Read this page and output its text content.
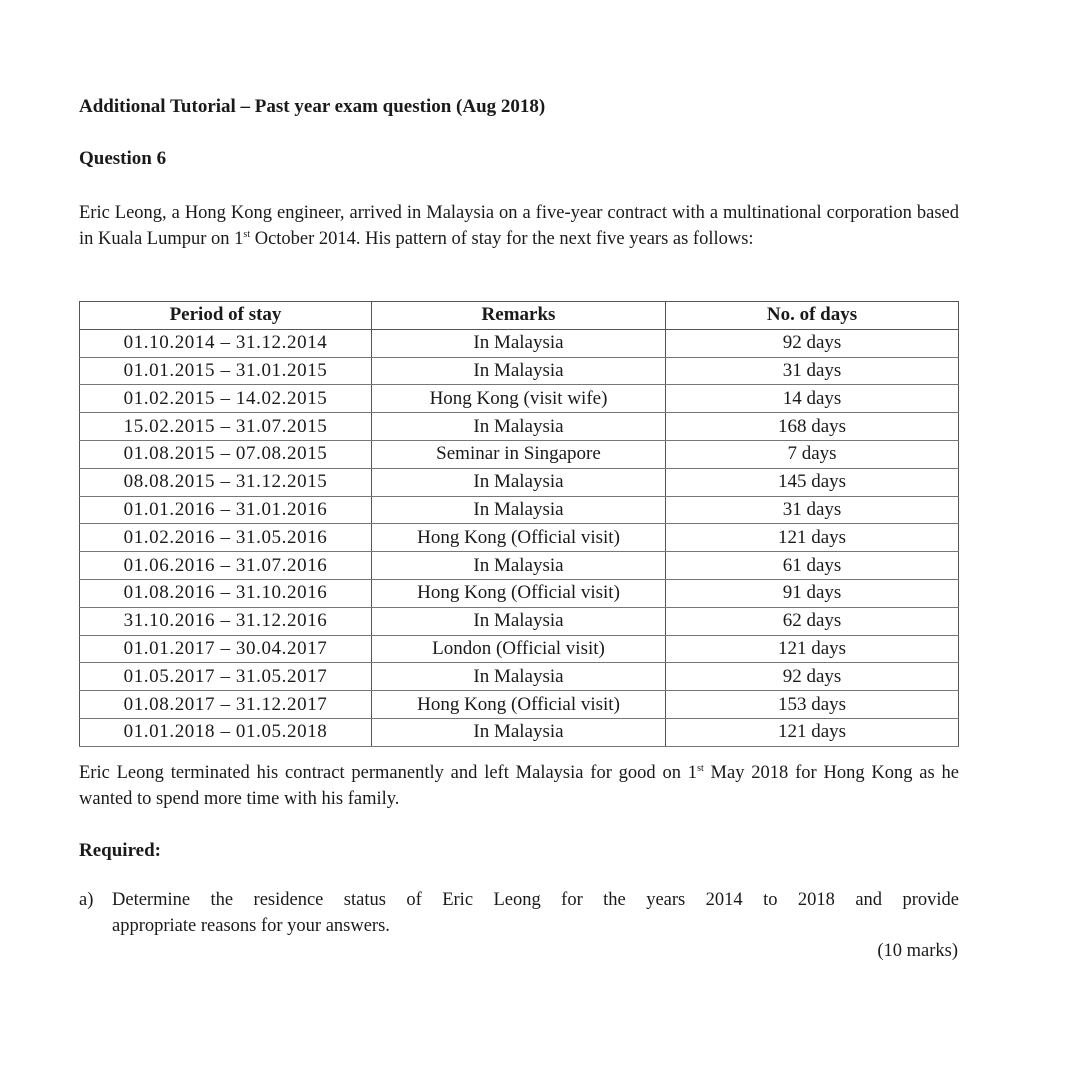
Additional Tutorial – Past year exam question (Aug 2018)
Question 6
Eric Leong, a Hong Kong engineer, arrived in Malaysia on a five-year contract with a multinational corporation based in Kuala Lumpur on 1st October 2014. His pattern of stay for the next five years as follows:
Period of stay	Remarks	No. of days
01.10.2014 – 31.12.2014	In Malaysia	92 days
01.01.2015 – 31.01.2015	In Malaysia	31 days
01.02.2015 – 14.02.2015	Hong Kong (visit wife)	14 days
15.02.2015 – 31.07.2015	In Malaysia	168 days
01.08.2015 – 07.08.2015	Seminar in Singapore	7 days
08.08.2015 – 31.12.2015	In Malaysia	145 days
01.01.2016 – 31.01.2016	In Malaysia	31 days
01.02.2016 – 31.05.2016	Hong Kong (Official visit)	121 days
01.06.2016 – 31.07.2016	In Malaysia	61 days
01.08.2016 – 31.10.2016	Hong Kong (Official visit)	91 days
31.10.2016 – 31.12.2016	In Malaysia	62 days
01.01.2017 – 30.04.2017	London (Official visit)	121 days
01.05.2017 – 31.05.2017	In Malaysia	92 days
01.08.2017 – 31.12.2017	Hong Kong (Official visit)	153 days
01.01.2018 – 01.05.2018	In Malaysia	121 days
Eric Leong terminated his contract permanently and left Malaysia for good on 1st May 2018 for Hong Kong as he wanted to spend more time with his family.
Required:
a) Determine the residence status of Eric Leong for the years 2014 to 2018 and provide
appropriate reasons for your answers.
(10 marks)
